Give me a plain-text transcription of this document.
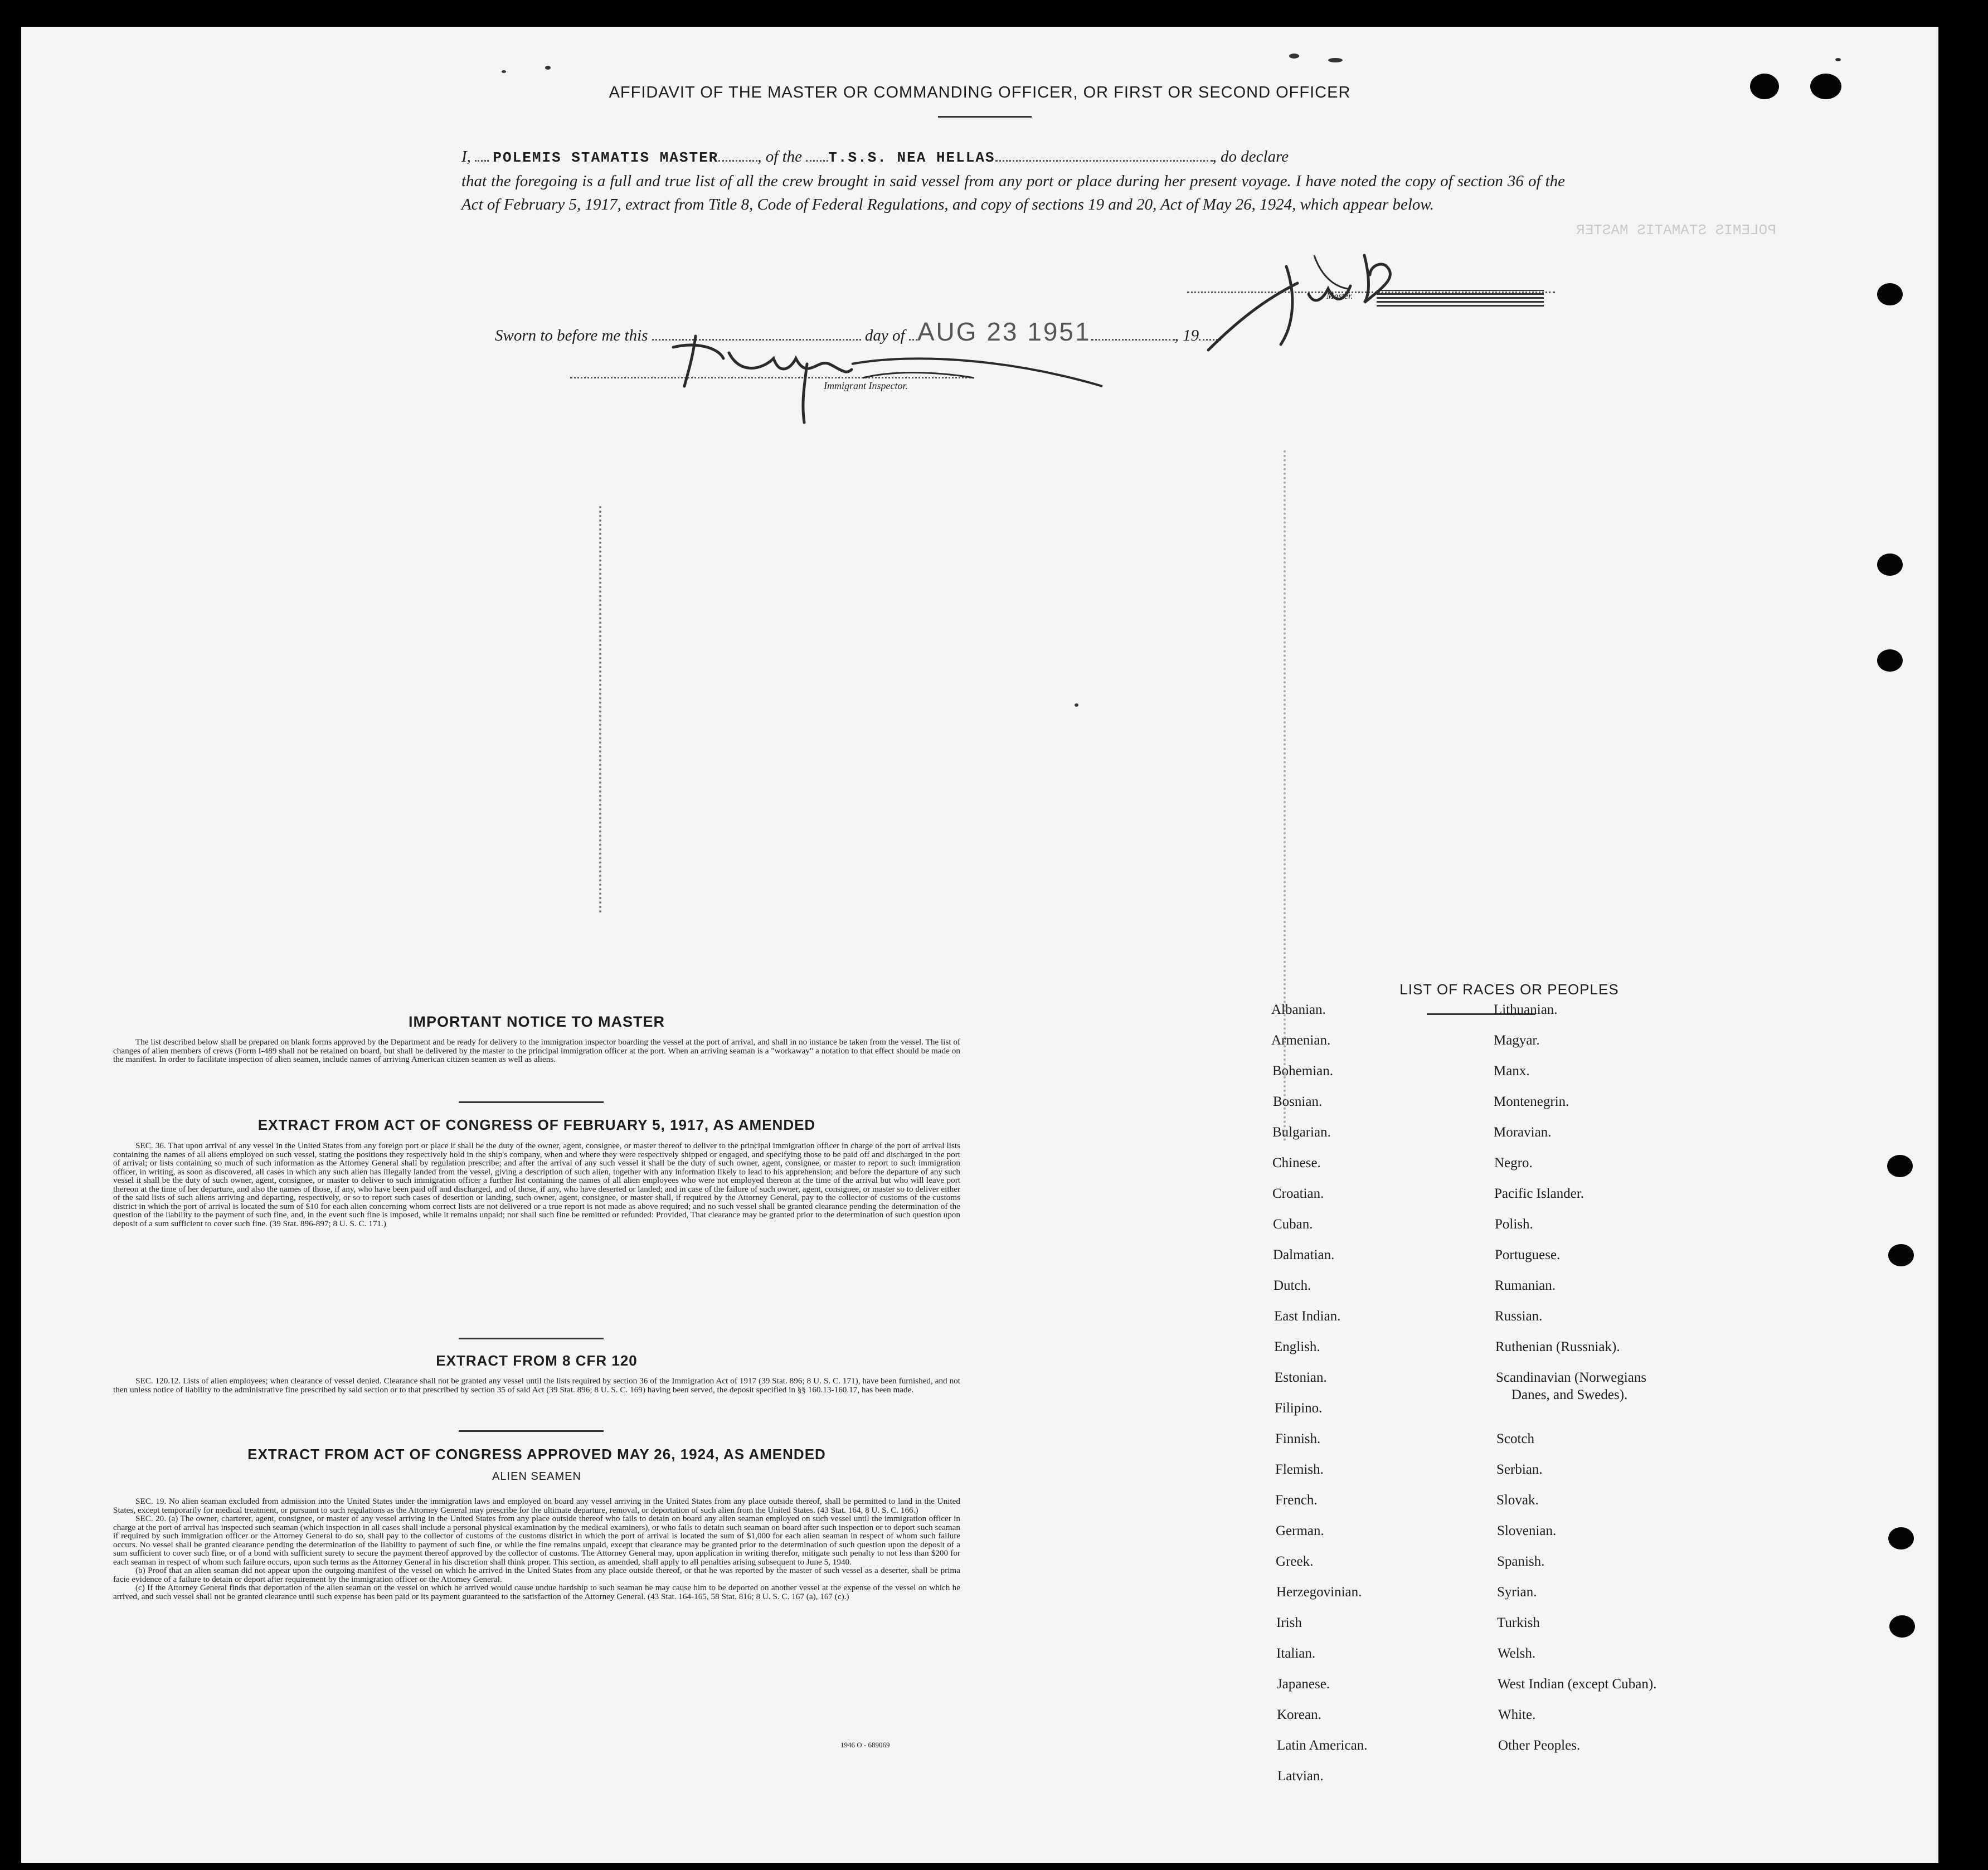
AFFIDAVIT OF THE MASTER OR COMMANDING OFFICER, OR FIRST OR SECOND OFFICER
I, POLEMIS STAMATIS MASTER , of the T.S.S. NEA HELLAS	, do declare
that the foregoing is a full and true list of all the crew brought in said vessel from any port or place during her present voyage. I have noted the copy of section 36 of the Act of February 5, 1917, extract from Title 8, Code of Federal Regulations, and copy of sections 19 and 20, Act of May 26, 1924, which appear below.
POLEMIS STAMATIS MASTER
Master.
Sworn to before me this	day of AUG 23 1951	, 19
Immigrant Inspector.
IMPORTANT NOTICE TO MASTER

The list described below shall be prepared on blank forms approved by the Department and be ready for delivery to the immigration inspector boarding the vessel at the port of arrival, and shall in no instance be taken from the vessel. The list of changes of alien members of crews (Form I-489 shall not be retained on board, but shall be delivered by the master to the principal immigration officer at the port. When an arriving seaman is a "workaway" a notation to that effect should be made on the manifest. In order to facilitate inspection of alien seamen, include names of arriving American citizen seamen as well as aliens.

EXTRACT FROM ACT OF CONGRESS OF FEBRUARY 5, 1917, AS AMENDED

SEC. 36. That upon arrival of any vessel in the United States from any foreign port or place it shall be the duty of the owner, agent, consignee, or master thereof to deliver to the principal immigration officer in charge of the port of arrival lists containing the names of all aliens employed on such vessel, stating the positions they respectively hold in the ship's company, when and where they were respectively shipped or engaged, and specifying those to be paid off and discharged in the port of arrival; or lists containing so much of such information as the Attorney General shall by regulation prescribe; and after the arrival of any such vessel it shall be the duty of such owner, agent, consignee, or master to report to such immigration officer, in writing, as soon as discovered, all cases in which any such alien has illegally landed from the vessel, giving a description of such alien, together with any information likely to lead to his apprehension; and before the departure of any such vessel it shall be the duty of such owner, agent, consignee, or master to deliver to such immigration officer a further list containing the names of all alien employees who were not employed thereon at the time of the arrival but who will leave port thereon at the time of her departure, and also the names of those, if any, who have been paid off and discharged, and of those, if any, who have deserted or landed; and in case of the failure of such owner, agent, consignee, or master so to deliver either of the said lists of such aliens arriving and departing, respectively, or so to report such cases of desertion or landing, such owner, agent, consignee, or master shall, if required by the Attorney General, pay to the collector of customs of the customs district in which the port of arrival is located the sum of $10 for each alien concerning whom correct lists are not delivered or a true report is not made as above required; and no such vessel shall be granted clearance pending the determination of the question of the liability to the payment of such fine, and, in the event such fine is imposed, while it remains unpaid; nor shall such fine be remitted or refunded: Provided, That clearance may be granted prior to the determination of such question upon deposit of a sum sufficient to cover such fine. (39 Stat. 896-897; 8 U. S. C. 171.)

EXTRACT FROM 8 CFR 120

SEC. 120.12. Lists of alien employees; when clearance of vessel denied. Clearance shall not be granted any vessel until the lists required by section 36 of the Immigration Act of 1917 (39 Stat. 896; 8 U. S. C. 171), have been furnished, and not then unless notice of liability to the administrative fine prescribed by said section or to that prescribed by section 35 of said Act (39 Stat. 896; 8 U. S. C. 169) having been served, the deposit specified in §§ 160.13-160.17, has been made.

EXTRACT FROM ACT OF CONGRESS APPROVED MAY 26, 1924, AS AMENDED
ALIEN SEAMEN

SEC. 19. No alien seaman excluded from admission into the United States under the immigration laws and employed on board any vessel arriving in the United States from any place outside thereof, shall be permitted to land in the United States, except temporarily for medical treatment, or pursuant to such regulations as the Attorney General may prescribe for the ultimate departure, removal, or deportation of such alien from the United States. (43 Stat. 164, 8 U. S. C. 166.)

SEC. 20. (a) The owner, charterer, agent, consignee, or master of any vessel arriving in the United States from any place outside thereof who fails to detain on board any alien seaman employed on such vessel until the immigration officer in charge at the port of arrival has inspected such seaman (which inspection in all cases shall include a personal physical examination by the medical examiners), or who fails to detain such seaman on board after such inspection or to deport such seaman if required by such immigration officer or the Attorney General to do so, shall pay to the collector of customs of the customs district in which the port of arrival is located the sum of $1,000 for each alien seaman in respect of whom such failure occurs. No vessel shall be granted clearance pending the determination of the liability to payment of such fine, or while the fine remains unpaid, except that clearance may be granted prior to the determination of such question upon the deposit of a sum sufficient to cover such fine, or of a bond with sufficient surety to secure the payment thereof approved by the collector of customs. The Attorney General may, upon application in writing therefor, mitigate such penalty to not less than $200 for each seaman in respect of whom such failure occurs, upon such terms as the Attorney General in his discretion shall think proper. This section, as amended, shall apply to all penalties arising subsequent to June 5, 1940.

(b) Proof that an alien seaman did not appear upon the outgoing manifest of the vessel on which he arrived in the United States from any place outside thereof, or that he was reported by the master of such vessel as a deserter, shall be prima facie evidence of a failure to detain or deport after requirement by the immigration officer or the Attorney General.

(c) If the Attorney General finds that deportation of the alien seaman on the vessel on which he arrived would cause undue hardship to such seaman he may cause him to be deported on another vessel at the expense of the vessel on which he arrived, and such vessel shall not be granted clearance until such expense has been paid or its payment guaranteed to the satisfaction of the Attorney General. (43 Stat. 164-165, 58 Stat. 816; 8 U. S. C. 167 (a), 167 (c).)

1946 O - 689069
LIST OF RACES OR PEOPLES
Albanian.
Armenian.
Bohemian.
Bosnian.
Bulgarian.
Chinese.
Croatian.
Cuban.
Dalmatian.
Dutch.
East Indian.
English.
Estonian.
Filipino.
Finnish.
Flemish.
French.
German.
Greek.
Herzegovinian.
Irish
Italian.
Japanese.
Korean.
Latin American.
Latvian.
Lithuanian.
Magyar.
Manx.
Montenegrin.
Moravian.
Negro.
Pacific Islander.
Polish.
Portuguese.
Rumanian.
Russian.
Ruthenian (Russniak).
Scandinavian (Norwegians
Danes, and Swedes).
Scotch
Serbian.
Slovak.
Slovenian.
Spanish.
Syrian.
Turkish
Welsh.
West Indian (except Cuban).
White.
Other Peoples.
